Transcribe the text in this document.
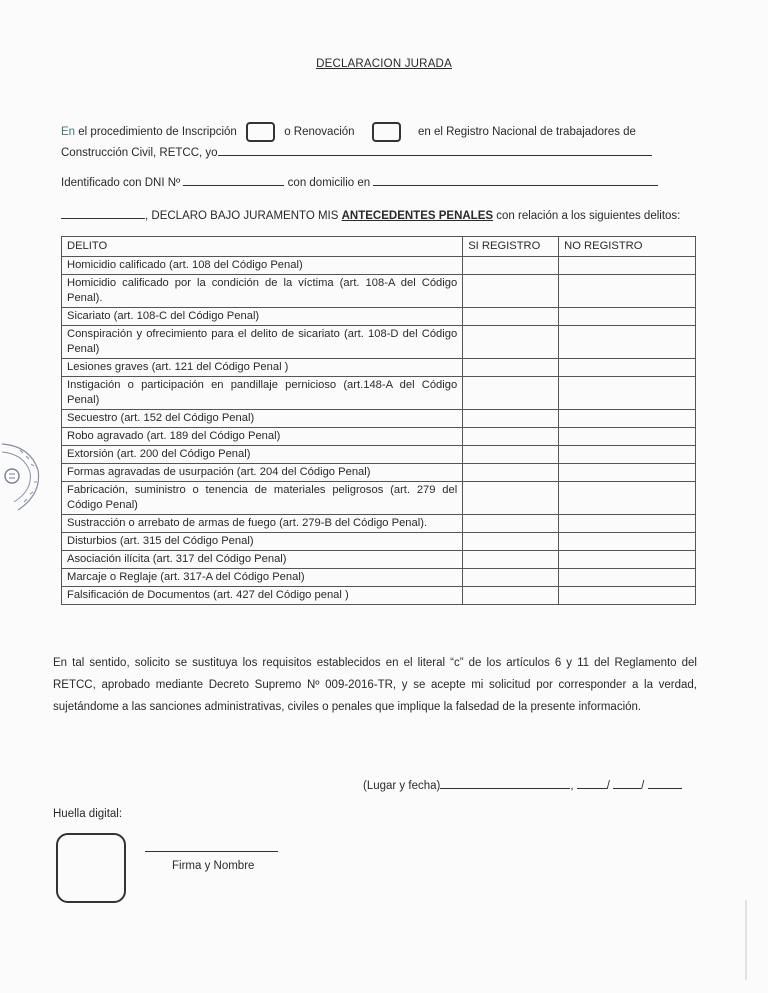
DECLARACION JURADA
En el procedimiento de Inscripción	o Renovación	en el Registro Nacional de trabajadores de
Construcción Civil, RETCC, yo
Identificado con DNI Nº	con domicilio en
, DECLARO BAJO JURAMENTO MIS ANTECEDENTES PENALES con relación a los siguientes delitos:
DELITO	SI REGISTRO	NO REGISTRO
Homicidio calificado (art. 108 del Código Penal)		
Homicidio calificado por la condición de la víctima (art. 108-A del Código Penal).		
Sicariato (art. 108-C del Código Penal)		
Conspiración y ofrecimiento para el delito de sicariato (art. 108-D del Código Penal)		
Lesiones graves (art. 121 del Código Penal )		
Instigación o participación en pandillaje pernicioso (art.148-A del Código Penal)		
Secuestro (art. 152 del Código Penal)		
Robo agravado (art. 189 del Código Penal)		
Extorsión (art. 200 del Código Penal)		
Formas agravadas de usurpación (art. 204 del Código Penal)		
Fabricación, suministro o tenencia de materiales peligrosos (art. 279 del Código Penal)		
Sustracción o arrebato de armas de fuego (art. 279-B del Código Penal).		
Disturbios (art. 315 del Código Penal)		
Asociación ilícita (art. 317 del Código Penal)		
Marcaje o Reglaje (art. 317-A del Código Penal)		
Falsificación de Documentos (art. 427 del Código penal )		
En tal sentido, solicito se sustituya los requisitos establecidos en el literal “c” de los artículos 6 y 11 del Reglamento del RETCC, aprobado mediante Decreto Supremo Nº 009-2016-TR, y se acepte mi solicitud por corresponder a la verdad, sujetándome a las sanciones administrativas, civiles o penales que implique la falsedad de la presente información.
(Lugar y fecha)	,	/	/
Huella digital:
Firma y Nombre
